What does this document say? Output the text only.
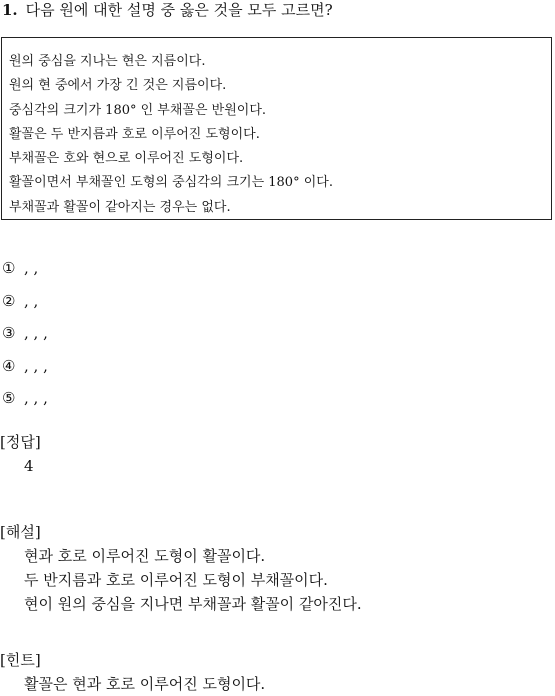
1. 다음 원에 대한 설명 중 옳은 것을 모두 고르면?
원의 중심을 지나는 현은 지름이다.
원의 현 중에서 가장 긴 것은 지름이다.
중심각의 크기가 180° 인 부채꼴은 반원이다.
활꼴은 두 반지름과 호로 이루어진 도형이다.
부채꼴은 호와 현으로 이루어진 도형이다.
활꼴이면서 부채꼴인 도형의 중심각의 크기는 180° 이다.
부채꼴과 활꼴이 같아지는 경우는 없다.
① , ,
② , ,
③ , , ,
④ , , ,
⑤ , , ,
[정답]
4
[해설]
현과 호로 이루어진 도형이 활꼴이다.
두 반지름과 호로 이루어진 도형이 부채꼴이다.
현이 원의 중심을 지나면 부채꼴과 활꼴이 같아진다.
[힌트]
활꼴은 현과 호로 이루어진 도형이다.
